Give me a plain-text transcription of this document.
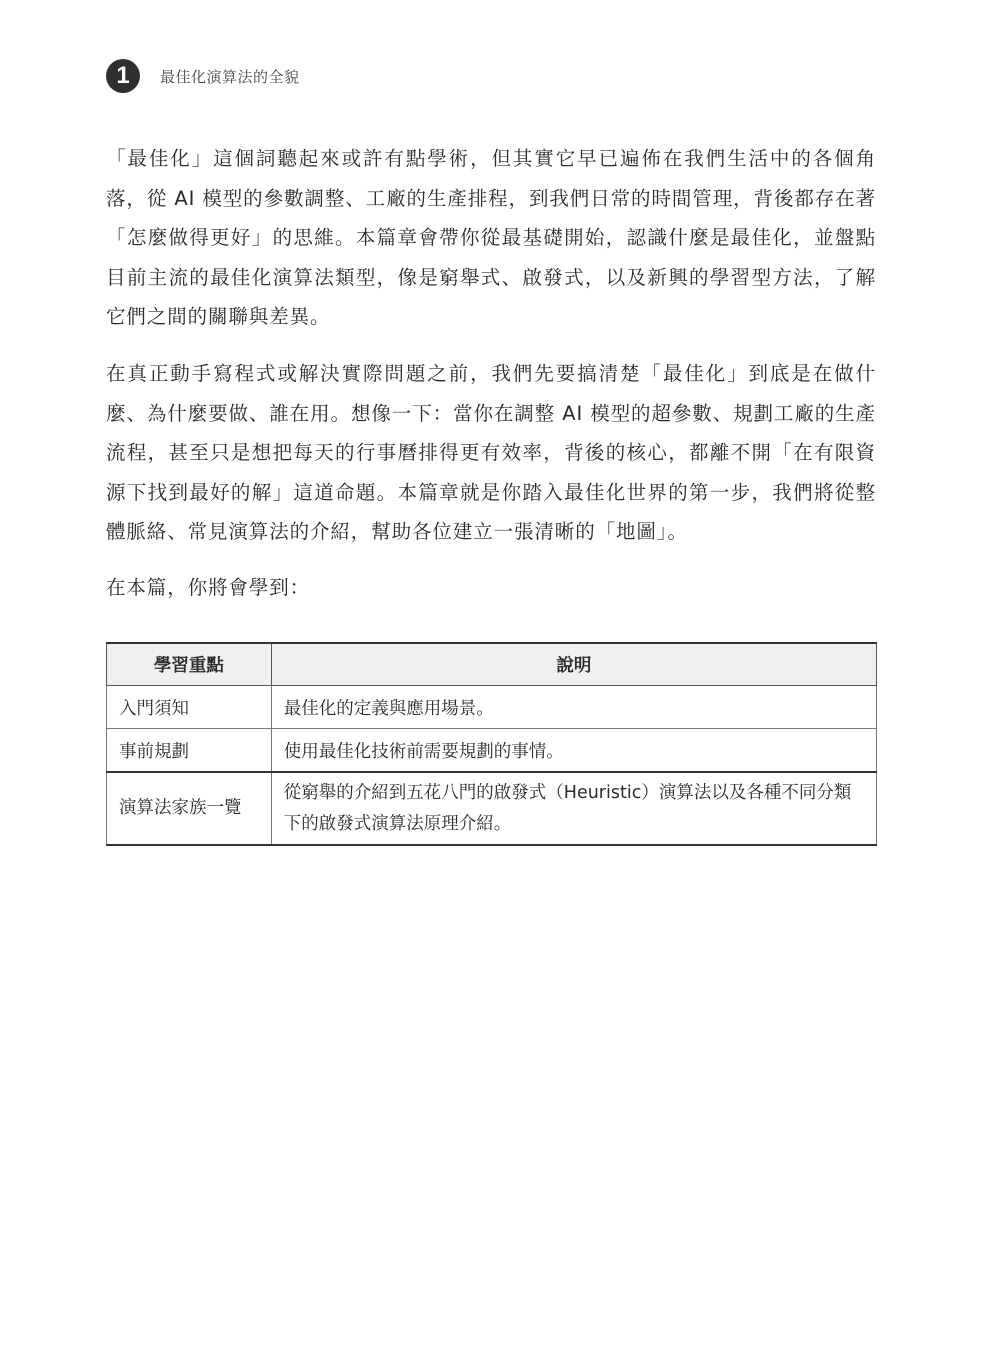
1	最佳化演算法的全貌

「最佳化」這個詞聽起來或許有點學術，但其實它早已遍佈在我們生活中的各個角落，從 AI 模型的參數調整、工廠的生產排程，到我們日常的時間管理，背後都存在著「怎麼做得更好」的思維。本篇章會帶你從最基礎開始，認識什麼是最佳化，並盤點目前主流的最佳化演算法類型，像是窮舉式、啟發式，以及新興的學習型方法，了解它們之間的關聯與差異。

在真正動手寫程式或解決實際問題之前，我們先要搞清楚「最佳化」到底是在做什麼、為什麼要做、誰在用。想像一下：當你在調整 AI 模型的超參數、規劃工廠的生產流程，甚至只是想把每天的行事曆排得更有效率，背後的核心，都離不開「在有限資源下找到最好的解」這道命題。本篇章就是你踏入最佳化世界的第一步，我們將從整體脈絡、常見演算法的介紹，幫助各位建立一張清晰的「地圖」。

在本篇，你將會學到：

學習重點	說明
入門須知	最佳化的定義與應用場景。
事前規劃	使用最佳化技術前需要規劃的事情。
演算法家族一覽	從窮舉的介紹到五花八門的啟發式（Heuristic）演算法以及各種不同分類下的啟發式演算法原理介紹。
